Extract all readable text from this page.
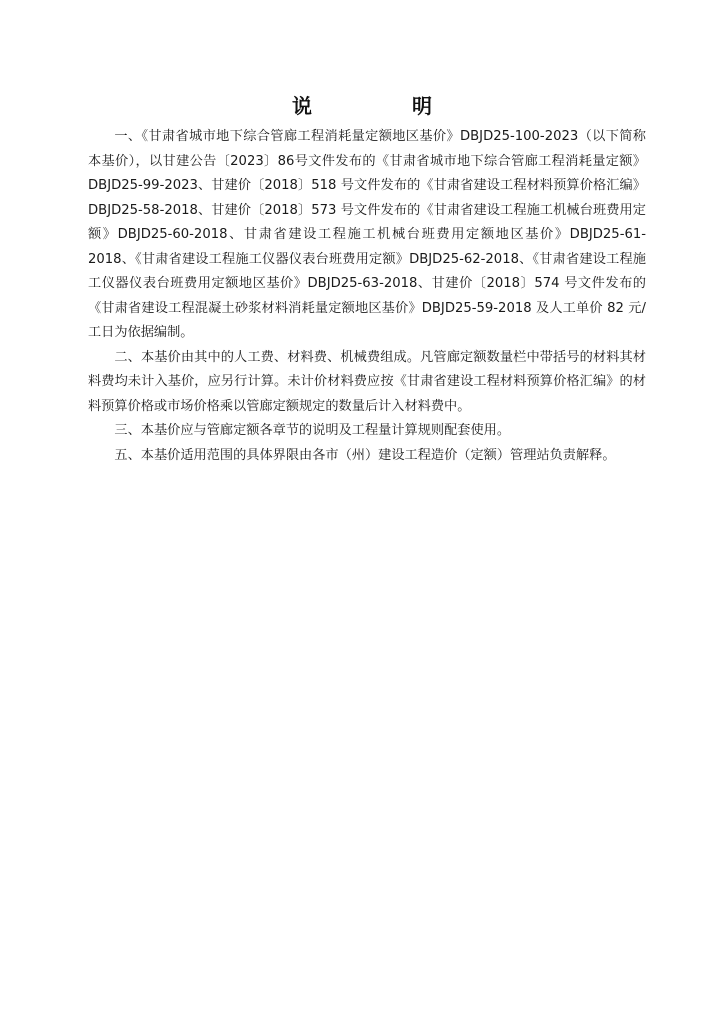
说　明

一、《甘肃省城市地下综合管廊工程消耗量定额地区基价》DBJD25-100-2023（以下简称本基价），以甘建公告〔2023〕86号文件发布的《甘肃省城市地下综合管廊工程消耗量定额》DBJD25-99-2023、甘建价〔2018〕518 号文件发布的《甘肃省建设工程材料预算价格汇编》DBJD25-58-2018、甘建价〔2018〕573 号文件发布的《甘肃省建设工程施工机械台班费用定额》DBJD25-60-2018、甘肃省建设工程施工机械台班费用定额地区基价》DBJD25-61-2018、《甘肃省建设工程施工仪器仪表台班费用定额》DBJD25-62-2018、《甘肃省建设工程施工仪器仪表台班费用定额地区基价》DBJD25-63-2018、甘建价〔2018〕574 号文件发布的《甘肃省建设工程混凝土砂浆材料消耗量定额地区基价》DBJD25-59-2018 及人工单价 82 元/工日为依据编制。

二、本基价由其中的人工费、材料费、机械费组成。凡管廊定额数量栏中带括号的材料其材料费均未计入基价，应另行计算。未计价材料费应按《甘肃省建设工程材料预算价格汇编》的材料预算价格或市场价格乘以管廊定额规定的数量后计入材料费中。

三、本基价应与管廊定额各章节的说明及工程量计算规则配套使用。

五、本基价适用范围的具体界限由各市（州）建设工程造价（定额）管理站负责解释。
